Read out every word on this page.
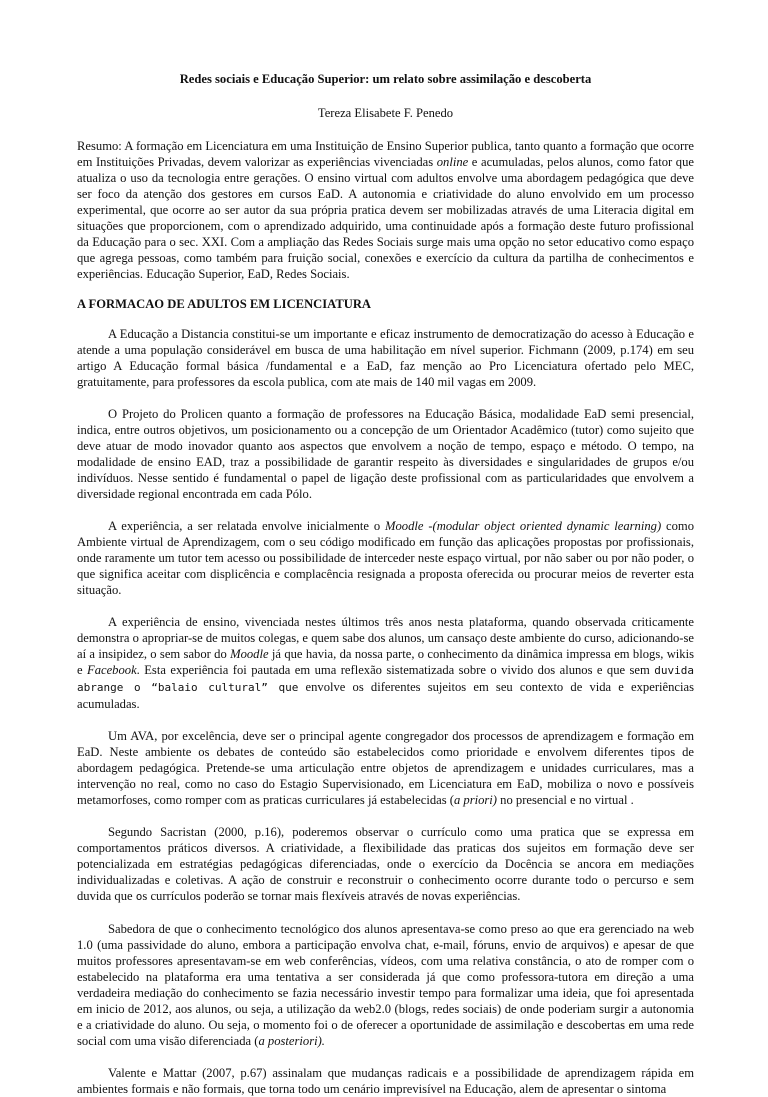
Redes sociais e Educação Superior: um relato sobre assimilação e descoberta
Tereza Elisabete F. Penedo

Resumo: A formação em Licenciatura em uma Instituição de Ensino Superior publica, tanto quanto a formação que ocorre em Instituições Privadas, devem valorizar as experiências vivenciadas online e acumuladas, pelos alunos, como fator que atualiza o uso da tecnologia entre gerações. O ensino virtual com adultos envolve uma abordagem pedagógica que deve ser foco da atenção dos gestores em cursos EaD. A autonomia e criatividade do aluno envolvido em um processo experimental, que ocorre ao ser autor da sua própria pratica devem ser mobilizadas através de uma Literacia digital em situações que proporcionem, com o aprendizado adquirido, uma continuidade após a formação deste futuro profissional da Educação para o sec. XXI. Com a ampliação das Redes Sociais surge mais uma opção no setor educativo como espaço que agrega pessoas, como também para fruição social, conexões e exercício da cultura da partilha de conhecimentos e experiências. Educação Superior, EaD, Redes Sociais.

A FORMACAO DE ADULTOS EM LICENCIATURA

A Educação a Distancia constitui-se um importante e eficaz instrumento de democratização do acesso à Educação e atende a uma população considerável em busca de uma habilitação em nível superior. Fichmann (2009, p.174) em seu artigo A Educação formal básica /fundamental e a EaD, faz menção ao Pro Licenciatura ofertado pelo MEC, gratuitamente, para professores da escola publica, com ate mais de 140 mil vagas em 2009.

O Projeto do Prolicen quanto a formação de professores na Educação Básica, modalidade EaD semi presencial, indica, entre outros objetivos, um posicionamento ou a concepção de um Orientador Acadêmico (tutor) como sujeito que deve atuar de modo inovador quanto aos aspectos que envolvem a noção de tempo, espaço e método. O tempo, na modalidade de ensino EAD, traz a possibilidade de garantir respeito às diversidades e singularidades de grupos e/ou indivíduos. Nesse sentido é fundamental o papel de ligação deste profissional com as particularidades que envolvem a diversidade regional encontrada em cada Pólo.

A experiência, a ser relatada envolve inicialmente o Moodle -(modular object oriented dynamic learning) como Ambiente virtual de Aprendizagem, com o seu código modificado em função das aplicações propostas por profissionais, onde raramente um tutor tem acesso ou possibilidade de interceder neste espaço virtual, por não saber ou por não poder, o que significa aceitar com displicência e complacência resignada a proposta oferecida ou procurar meios de reverter esta situação.

A experiência de ensino, vivenciada nestes últimos três anos nesta plataforma, quando observada criticamente demonstra o apropriar-se de muitos colegas, e quem sabe dos alunos, um cansaço deste ambiente do curso, adicionando-se aí a insipidez, o sem sabor do Moodle já que havia, da nossa parte, o conhecimento da dinâmica impressa em blogs, wikis e Facebook. Esta experiência foi pautada em uma reflexão sistematizada sobre o vivido dos alunos e que sem duvida abrange o “balaio cultural” que envolve os diferentes sujeitos em seu contexto de vida e experiências acumuladas.

Um AVA, por excelência, deve ser o principal agente congregador dos processos de aprendizagem e formação em EaD. Neste ambiente os debates de conteúdo são estabelecidos como prioridade e envolvem diferentes tipos de abordagem pedagógica. Pretende-se uma articulação entre objetos de aprendizagem e unidades curriculares, mas a intervenção no real, como no caso do Estagio Supervisionado, em Licenciatura em EaD, mobiliza o novo e possíveis metamorfoses, como romper com as praticas curriculares já estabelecidas (a priori) no presencial e no virtual .

Segundo Sacristan (2000, p.16), poderemos observar o currículo como uma pratica que se expressa em comportamentos práticos diversos. A criatividade, a flexibilidade das praticas dos sujeitos em formação deve ser potencializada em estratégias pedagógicas diferenciadas, onde o exercício da Docência se ancora em mediações individualizadas e coletivas. A ação de construir e reconstruir o conhecimento ocorre durante todo o percurso e sem duvida que os currículos poderão se tornar mais flexíveis através de novas experiências.

Sabedora de que o conhecimento tecnológico dos alunos apresentava-se como preso ao que era gerenciado na web 1.0 (uma passividade do aluno, embora a participação envolva chat, e-mail, fóruns, envio de arquivos) e apesar de que muitos professores apresentavam-se em web conferências, vídeos, com uma relativa constância, o ato de romper com o estabelecido na plataforma era uma tentativa a ser considerada já que como professora-tutora em direção a uma verdadeira mediação do conhecimento se fazia necessário investir tempo para formalizar uma ideia, que foi apresentada em inicio de 2012, aos alunos, ou seja, a utilização da web2.0 (blogs, redes sociais) de onde poderiam surgir a autonomia e a criatividade do aluno. Ou seja, o momento foi o de oferecer a oportunidade de assimilação e descobertas em uma rede social com uma visão diferenciada (a posteriori).

Valente e Mattar (2007, p.67) assinalam que mudanças radicais e a possibilidade de aprendizagem rápida em ambientes formais e não formais, que torna todo um cenário imprevisível na Educação, alem de apresentar o sintoma
